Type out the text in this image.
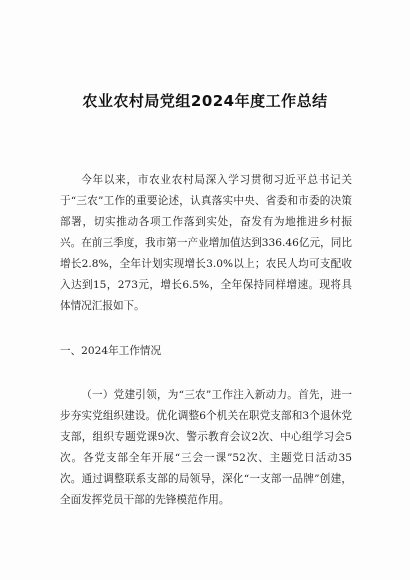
农业农村局党组2024年度工作总结

今年以来，市农业农村局深入学习贯彻习近平总书记关于“三农”工作的重要论述，认真落实中央、省委和市委的决策部署，切实推动各项工作落到实处，奋发有为地推进乡村振兴。在前三季度，我市第一产业增加值达到336.46亿元，同比增长2.8%，全年计划实现增长3.0%以上；农民人均可支配收入达到15，273元，增长6.5%，全年保持同样增速。现将具体情况汇报如下。

一、2024年工作情况

（一）党建引领，为“三农”工作注入新动力。首先，进一步夯实党组织建设。优化调整6个机关在职党支部和3个退休党支部，组织专题党课9次、警示教育会议2次、中心组学习会5次。各党支部全年开展“三会一课”52次、主题党日活动35次。通过调整联系支部的局领导，深化“一支部一品牌”创建，全面发挥党员干部的先锋模范作用。
